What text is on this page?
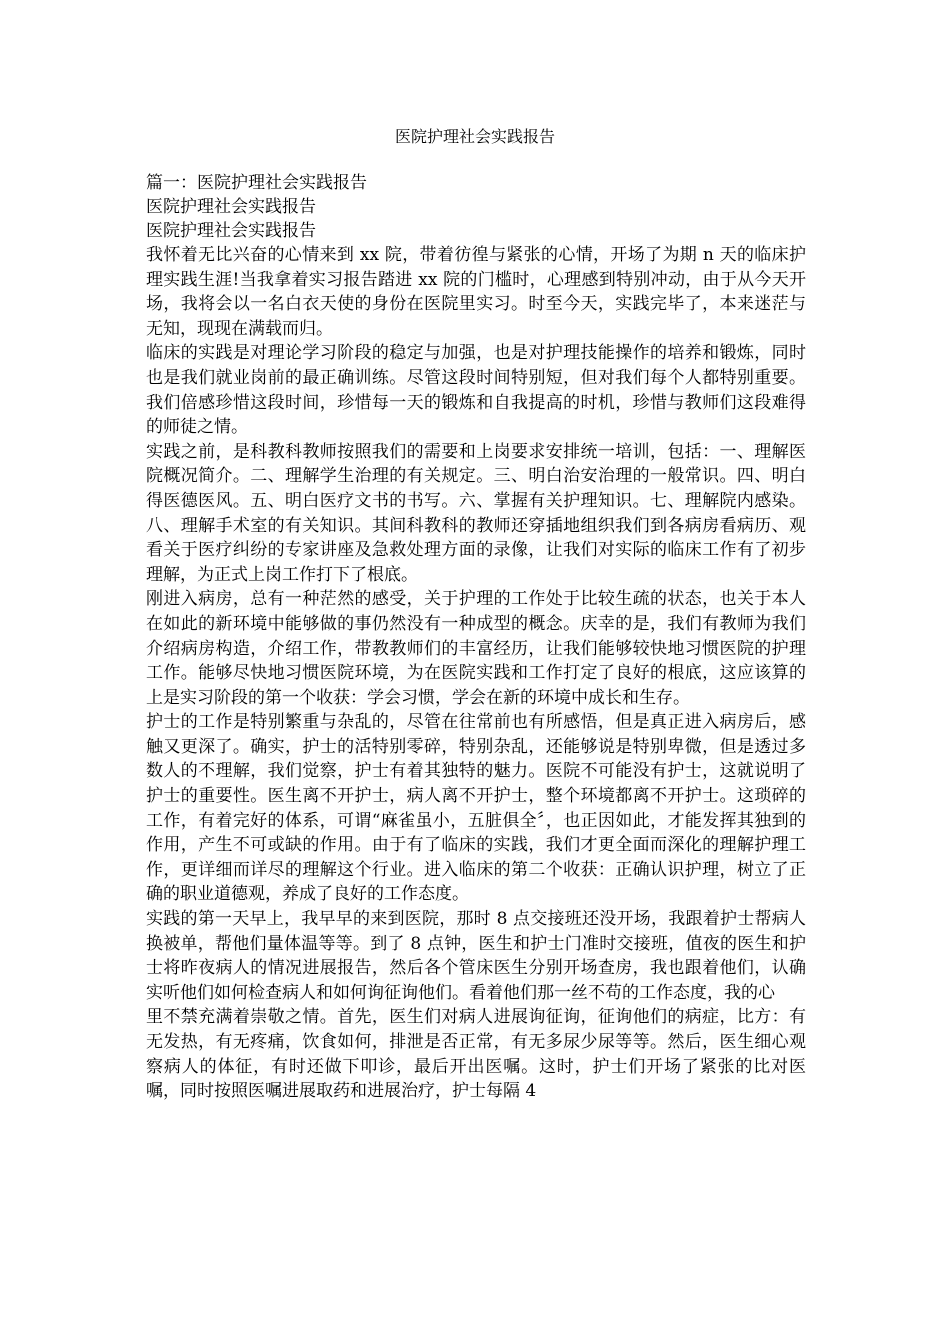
医院护理社会实践报告

篇一：医院护理社会实践报告

医院护理社会实践报告

医院护理社会实践报告

我怀着无比兴奋的心情来到 xx 院，带着彷徨与紧张的心情，开场了为期 n 天的临床护理实践生涯!当我拿着实习报告踏进 xx 院的门槛时，心理感到特别冲动，由于从今天开场，我将会以一名白衣天使的身份在医院里实习。时至今天，实践完毕了，本来迷茫与无知，现现在满载而归。

临床的实践是对理论学习阶段的稳定与加强，也是对护理技能操作的培养和锻炼，同时也是我们就业岗前的最正确训练。尽管这段时间特别短，但对我们每个人都特别重要。我们倍感珍惜这段时间，珍惜每一天的锻炼和自我提高的时机，珍惜与教师们这段难得的师徒之情。

实践之前，是科教科教师按照我们的需要和上岗要求安排统一培训，包括：一、理解医院概况简介。二、理解学生治理的有关规定。三、明白治安治理的一般常识。四、明白得医德医风。五、明白医疗文书的书写。六、掌握有关护理知识。七、理解院内感染。八、理解手术室的有关知识。其间科教科的教师还穿插地组织我们到各病房看病历、观看关于医疗纠纷的专家讲座及急救处理方面的录像，让我们对实际的临床工作有了初步理解，为正式上岗工作打下了根底。

刚进入病房，总有一种茫然的感受，关于护理的工作处于比较生疏的状态，也关于本人在如此的新环境中能够做的事仍然没有一种成型的概念。庆幸的是，我们有教师为我们介绍病房构造，介绍工作，带教教师们的丰富经历，让我们能够较快地习惯医院的护理工作。能够尽快地习惯医院环境，为在医院实践和工作打定了良好的根底，这应该算的上是实习阶段的第一个收获：学会习惯，学会在新的环境中成长和生存。

护士的工作是特别繁重与杂乱的，尽管在往常前也有所感悟，但是真正进入病房后，感触又更深了。确实，护士的活特别零碎，特别杂乱，还能够说是特别卑微，但是透过多数人的不理解，我们觉察，护士有着其独特的魅力。医院不可能没有护士，这就说明了护士的重要性。医生离不开护士，病人离不开护士，整个环境都离不开护士。这琐碎的工作，有着完好的体系，可谓“麻雀虽小，五脏俱全〞，也正因如此，才能发挥其独到的作用，产生不可或缺的作用。由于有了临床的实践，我们才更全面而深化的理解护理工作，更详细而详尽的理解这个行业。进入临床的第二个收获：正确认识护理，树立了正确的职业道德观，养成了良好的工作态度。

实践的第一天早上，我早早的来到医院，那时 8 点交接班还没开场，我跟着护士帮病人换被单，帮他们量体温等等。到了 8 点钟，医生和护士门准时交接班，值夜的医生和护士将昨夜病人的情况进展报告，然后各个管床医生分别开场查房，我也跟着他们，认确实听他们如何检查病人和如何询征询他们。看着他们那一丝不苟的工作态度，我的心

里不禁充满着崇敬之情。首先，医生们对病人进展询征询，征询他们的病症，比方：有无发热，有无疼痛，饮食如何，排泄是否正常，有无多尿少尿等等。然后，医生细心观察病人的体征，有时还做下叩诊，最后开出医嘱。这时，护士们开场了紧张的比对医嘱，同时按照医嘱进展取药和进展治疗，护士每隔 4
